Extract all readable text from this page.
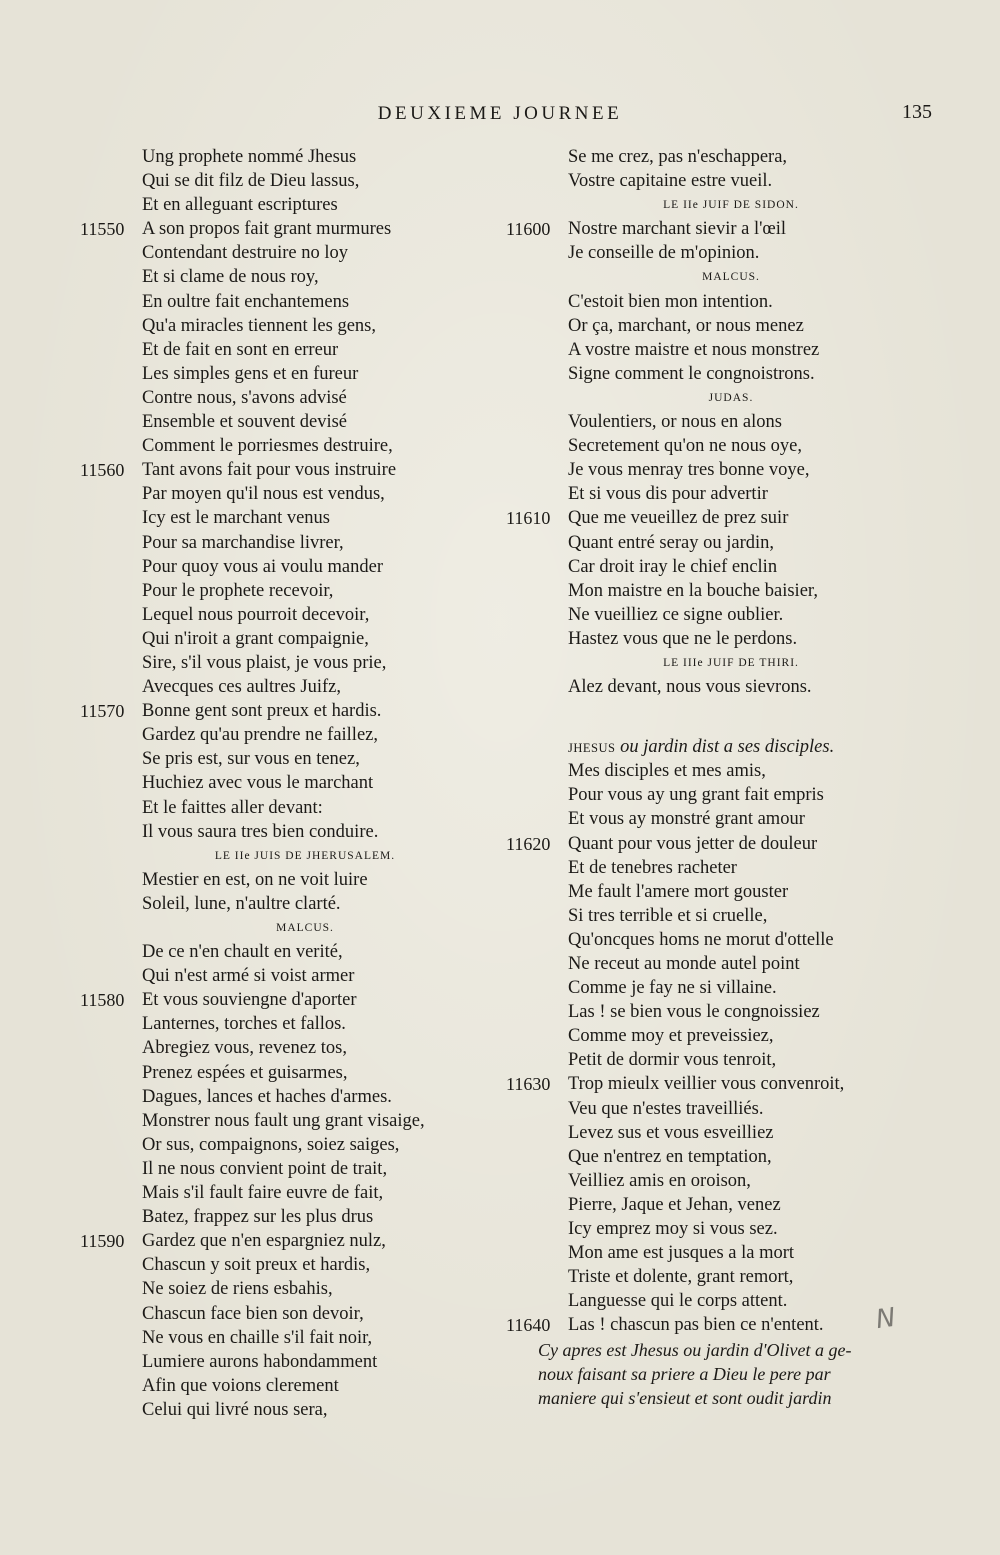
DEUXIEME JOURNEE	135
Ung prophete nommé Jhesus
Qui se dit filz de Dieu lassus,
Et en alleguant escriptures
11550 A son propos fait grant murmures
Contendant destruire no loy
Et si clame de nous roy,
En oultre fait enchantemens
Qu'a miracles tiennent les gens,
Et de fait en sont en erreur
Les simples gens et en fureur
Contre nous, s'avons advisé
Ensemble et souvent devisé
Comment le porriesmes destruire,
11560 Tant avons fait pour vous instruire
Par moyen qu'il nous est vendus,
Icy est le marchant venus
Pour sa marchandise livrer,
Pour quoy vous ai voulu mander
Pour le prophete recevoir,
Lequel nous pourroit decevoir,
Qui n'iroit a grant compaignie,
Sire, s'il vous plaist, je vous prie,
Avecques ces aultres Juifz,
11570 Bonne gent sont preux et hardis.
Gardez qu'au prendre ne faillez,
Se pris est, sur vous en tenez,
Huchiez avec vous le marchant
Et le faittes aller devant:
Il vous saura tres bien conduire.
LE IIe JUIS DE JHERUSALEM.
Mestier en est, on ne voit luire
Soleil, lune, n'aultre clarté.
MALCUS.
De ce n'en chault en verité,
Qui n'est armé si voist armer
11580 Et vous souviengne d'aporter
Lanternes, torches et fallos.
Abregiez vous, revenez tos,
Prenez espées et guisarmes,
Dagues, lances et haches d'armes.
Monstrer nous fault ung grant visaige,
Or sus, compaignons, soiez saiges,
Il ne nous convient point de trait,
Mais s'il fault faire euvre de fait,
Batez, frappez sur les plus drus
11590 Gardez que n'en espargniez nulz,
Chascun y soit preux et hardis,
Ne soiez de riens esbahis,
Chascun face bien son devoir,
Ne vous en chaille s'il fait noir,
Lumiere aurons habondamment
Afin que voions clerement
Celui qui livré nous sera,
Se me crez, pas n'eschappera,
Vostre capitaine estre vueil.
LE IIe JUIF DE SIDON.
11600 Nostre marchant sievir a l'œil
Je conseille de m'opinion.
MALCUS.
C'estoit bien mon intention.
Or ça, marchant, or nous menez
A vostre maistre et nous monstrez
Signe comment le congnoistrons.
JUDAS.
Voulentiers, or nous en alons
Secretement qu'on ne nous oye,
Je vous menray tres bonne voye,
Et si vous dis pour advertir
11610 Que me veueillez de prez suir
Quant entré seray ou jardin,
Car droit iray le chief enclin
Mon maistre en la bouche baisier,
Ne vueilliez ce signe oublier.
Hastez vous que ne le perdons.
LE IIIe JUIF DE THIRI.
Alez devant, nous vous sievrons.
JHESUS ou jardin dist a ses disciples.
Mes disciples et mes amis,
Pour vous ay ung grant fait empris
Et vous ay monstré grant amour
11620 Quant pour vous jetter de douleur
Et de tenebres racheter
Me fault l'amere mort gouster
Si tres terrible et si cruelle,
Qu'oncques homs ne morut d'ottelle
Ne receut au monde autel point
Comme je fay ne si villaine.
Las ! se bien vous le congnoissiez
Comme moy et preveissiez,
Petit de dormir vous tenroit,
11630 Trop mieulx veillier vous convenroit,
Veu que n'estes traveilliés.
Levez sus et vous esveilliez
Que n'entrez en temptation,
Veilliez amis en oroison,
Pierre, Jaque et Jehan, venez
Icy emprez moy si vous sez.
Mon ame est jusques a la mort
Triste et dolente, grant remort,
Languesse qui le corps attent.
11640 Las ! chascun pas bien ce n'entent.
Cy apres est Jhesus ou jardin d'Olivet a ge-
noux faisant sa priere a Dieu le pere par
maniere qui s'ensieut et sont oudit jardin
N
